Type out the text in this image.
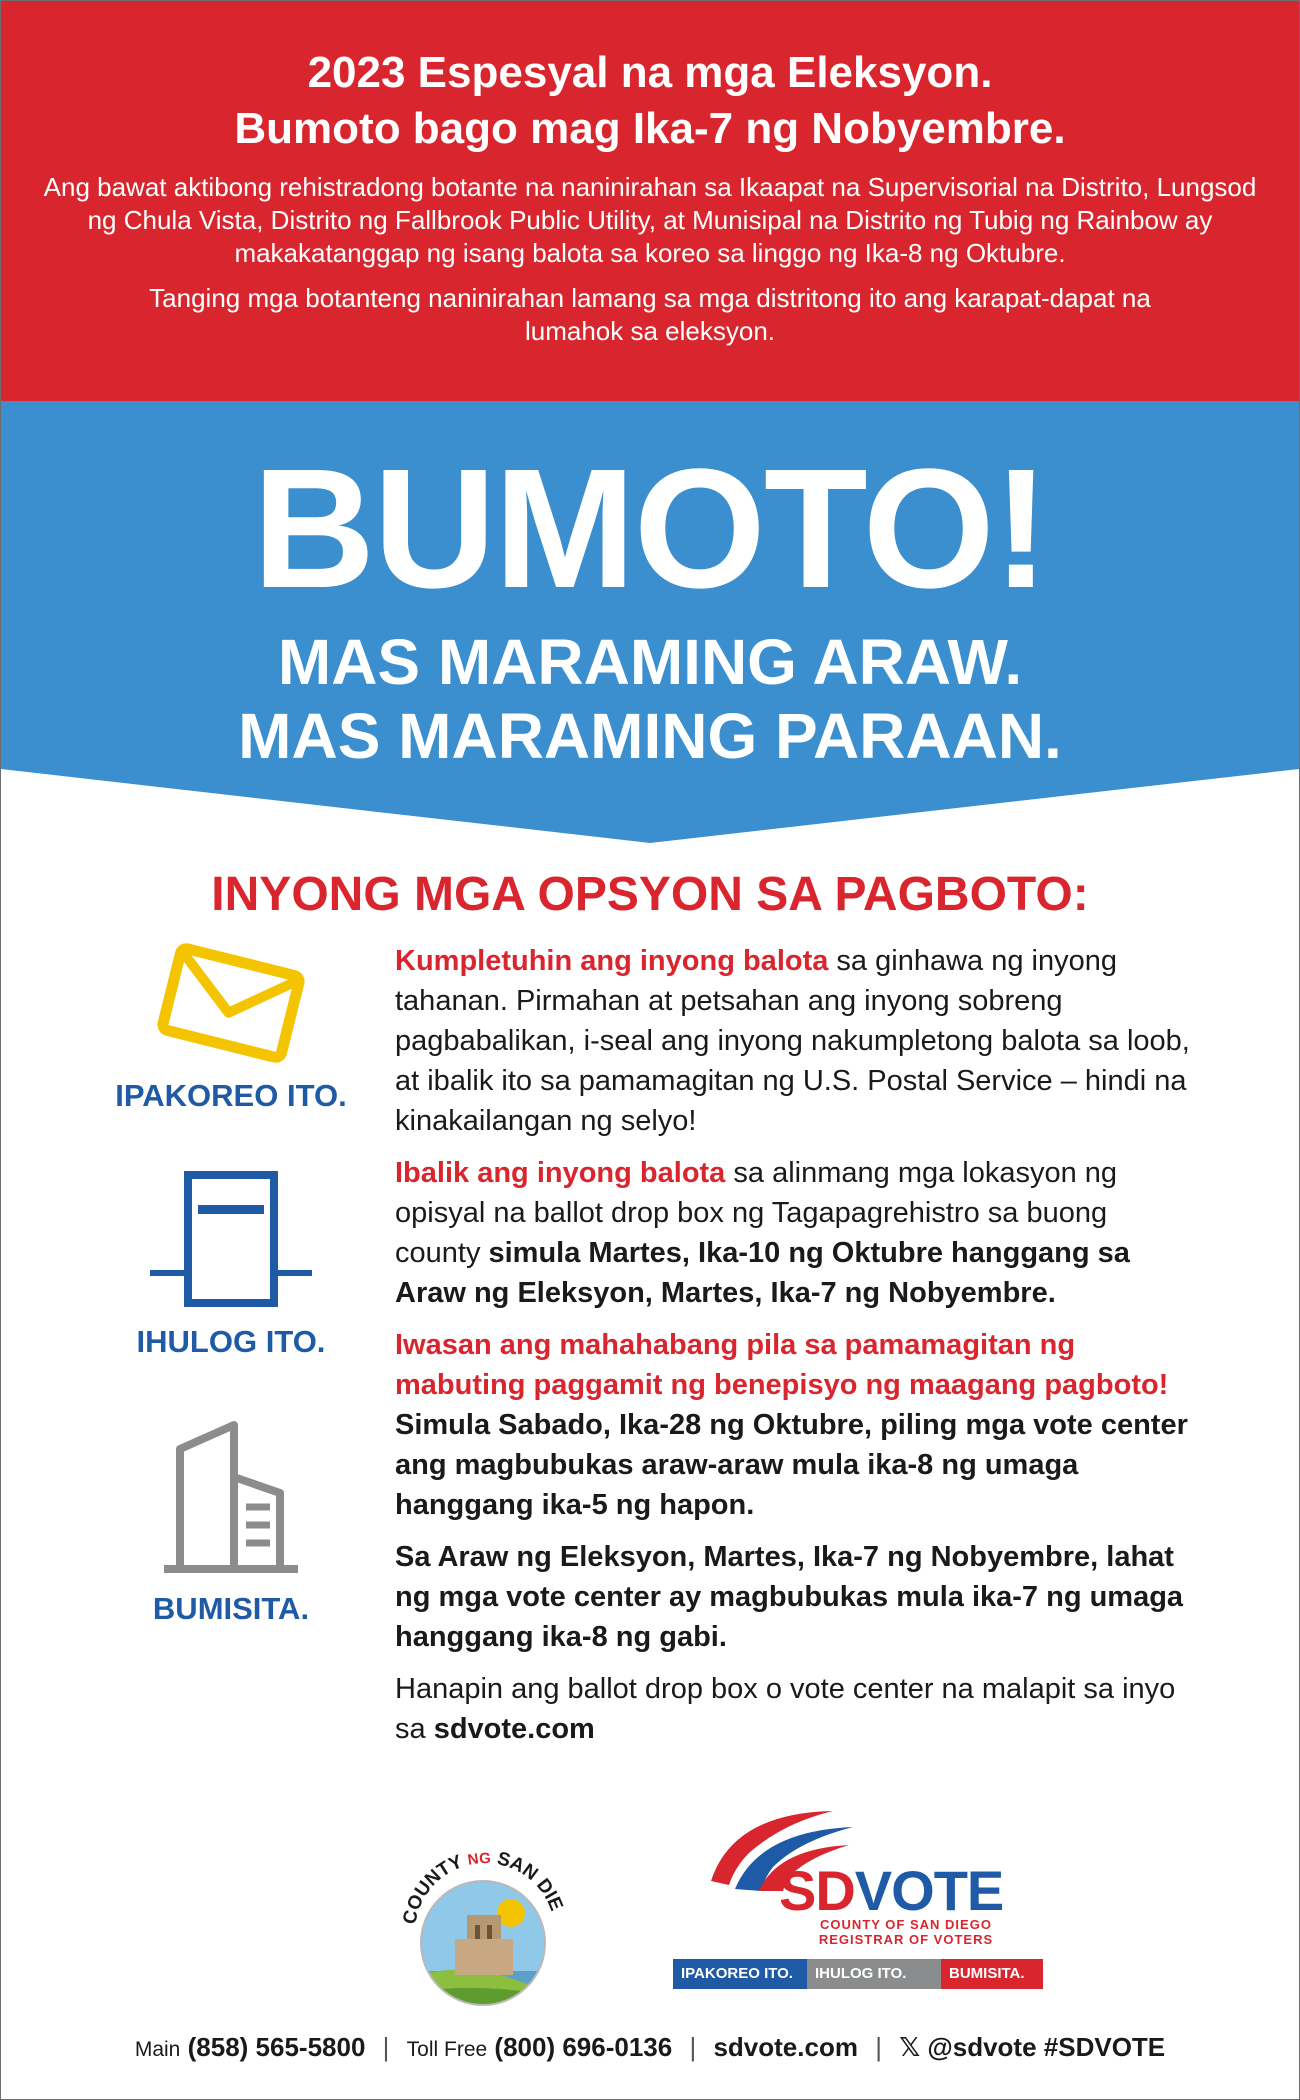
2023 Espesyal na mga Eleksyon.
Bumoto bago mag Ika-7 ng Nobyembre.
Ang bawat aktibong rehistradong botante na naninirahan sa Ikaapat na Supervisorial na Distrito, Lungsod ng Chula Vista, Distrito ng Fallbrook Public Utility, at Munisipal na Distrito ng Tubig ng Rainbow ay makakatanggap ng isang balota sa koreo sa linggo ng Ika-8 ng Oktubre.
Tanging mga botanteng naninirahan lamang sa mga distritong ito ang karapat-dapat na lumahok sa eleksyon.
BUMOTO!
MAS MARAMING ARAW.
MAS MARAMING PARAAN.
INYONG MGA OPSYON SA PAGBOTO:
IPAKOREO ITO.
IHULOG ITO.
BUMISITA.

Kumpletuhin ang inyong balota sa ginhawa ng inyong tahanan. Pirmahan at petsahan ang inyong sobreng pagbabalikan, i-seal ang inyong nakumpletong balota sa loob, at ibalik ito sa pamamagitan ng U.S. Postal Service – hindi na kinakailangan ng selyo!

Ibalik ang inyong balota sa alinmang mga lokasyon ng opisyal na ballot drop box ng Tagapagrehistro sa buong county simula Martes, Ika-10 ng Oktubre hanggang sa Araw ng Eleksyon, Martes, Ika-7 ng Nobyembre.

Iwasan ang mahahabang pila sa pamamagitan ng mabuting paggamit ng benepisyo ng maagang pagboto! Simula Sabado, Ika-28 ng Oktubre, piling mga vote center ang magbubukas araw-araw mula ika-8 ng umaga hanggang ika-5 ng hapon.

Sa Araw ng Eleksyon, Martes, Ika-7 ng Nobyembre, lahat ng mga vote center ay magbubukas mula ika-7 ng umaga hanggang ika-8 ng gabi.

Hanapin ang ballot drop box o vote center na malapit sa inyo sa sdvote.com

COUNTY NG SAN DIE	SDVOTE
COUNTY OF SAN DIEGO
REGISTRAR OF VOTERS
IPAKOREO ITO.	IHULOG ITO.	BUMISITA.
Main (858) 565-5800 | Toll Free (800) 696-0136 | sdvote.com | 𝕏 @sdvote #SDVOTE
